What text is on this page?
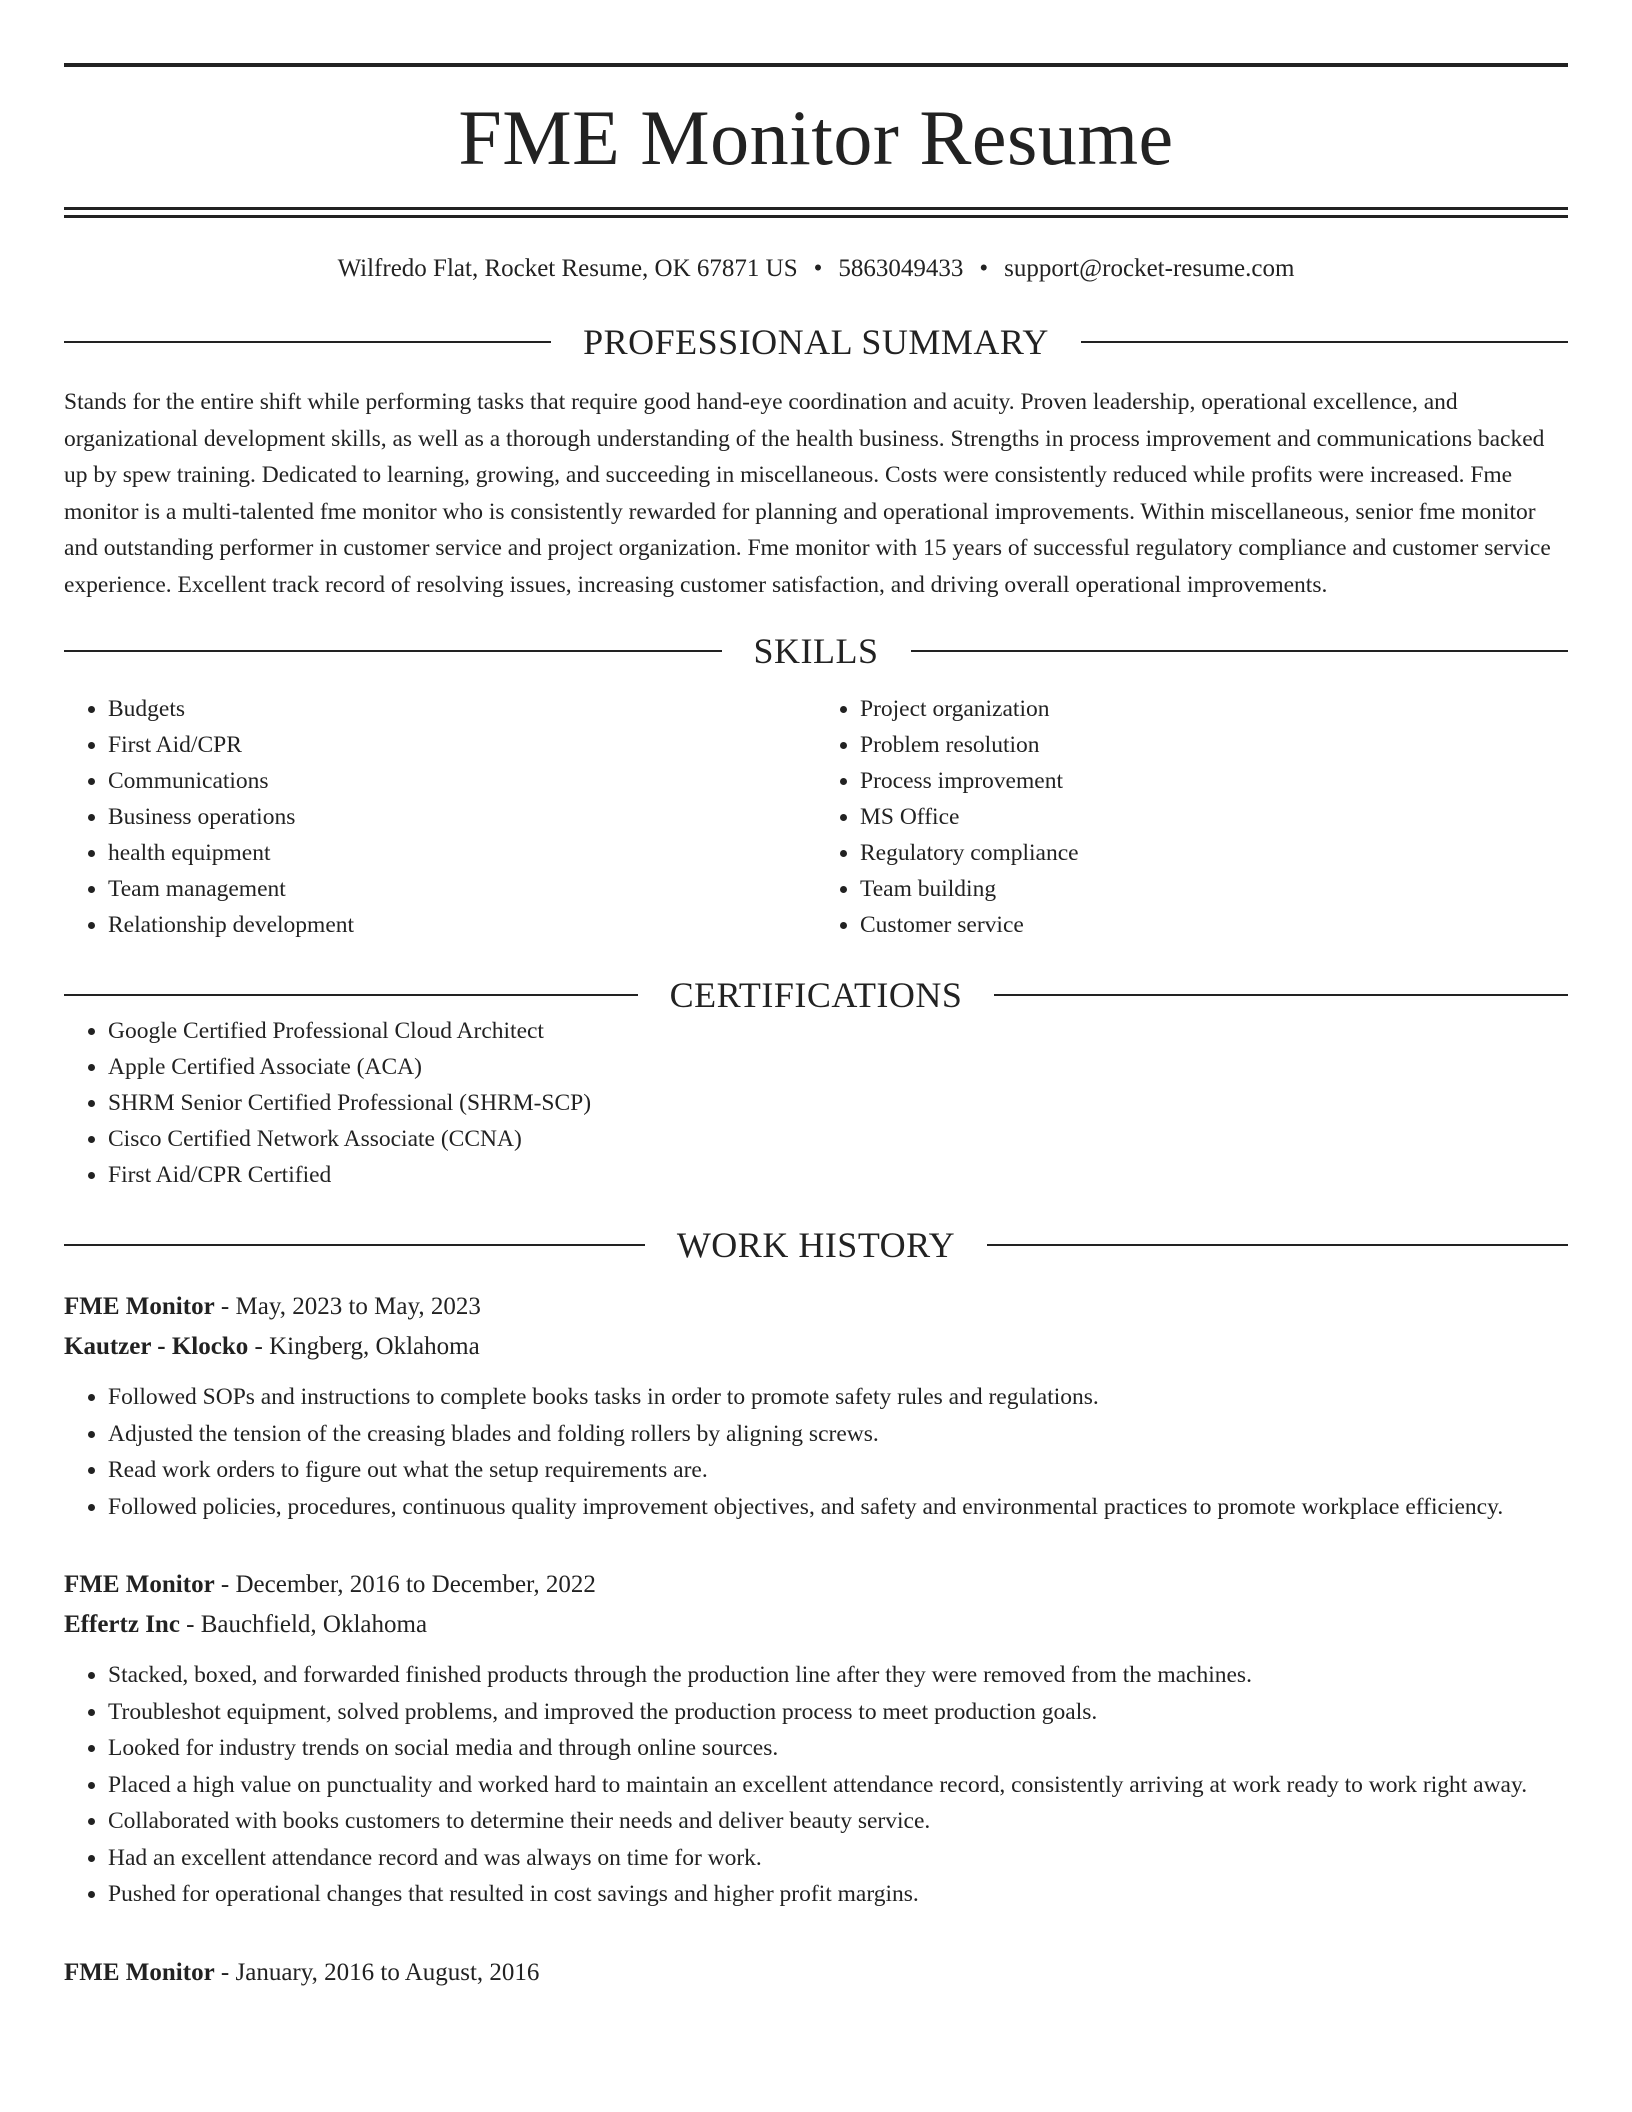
FME Monitor Resume
Wilfredo Flat, Rocket Resume, OK 67871 US • 5863049433 • support@rocket-resume.com
PROFESSIONAL SUMMARY

Stands for the entire shift while performing tasks that require good hand-eye coordination and acuity. Proven leadership, operational excellence, and organizational development skills, as well as a thorough understanding of the health business. Strengths in process improvement and communications backed up by spew training. Dedicated to learning, growing, and succeeding in miscellaneous. Costs were consistently reduced while profits were increased. Fme monitor is a multi-talented fme monitor who is consistently rewarded for planning and operational improvements. Within miscellaneous, senior fme monitor and outstanding performer in customer service and project organization. Fme monitor with 15 years of successful regulatory compliance and customer service experience. Excellent track record of resolving issues, increasing customer satisfaction, and driving overall operational improvements.

SKILLS
• Budgets
• First Aid/CPR
• Communications
• Business operations
• health equipment
• Team management
• Relationship development
• Project organization
• Problem resolution
• Process improvement
• MS Office
• Regulatory compliance
• Team building
• Customer service
CERTIFICATIONS
• Google Certified Professional Cloud Architect
• Apple Certified Associate (ACA)
• SHRM Senior Certified Professional (SHRM-SCP)
• Cisco Certified Network Associate (CCNA)
• First Aid/CPR Certified
WORK HISTORY
FME Monitor - May, 2023 to May, 2023
Kautzer - Klocko - Kingberg, Oklahoma
• Followed SOPs and instructions to complete books tasks in order to promote safety rules and regulations.
• Adjusted the tension of the creasing blades and folding rollers by aligning screws.
• Read work orders to figure out what the setup requirements are.
• Followed policies, procedures, continuous quality improvement objectives, and safety and environmental practices to promote workplace efficiency.
FME Monitor - December, 2016 to December, 2022
Effertz Inc - Bauchfield, Oklahoma
• Stacked, boxed, and forwarded finished products through the production line after they were removed from the machines.
• Troubleshot equipment, solved problems, and improved the production process to meet production goals.
• Looked for industry trends on social media and through online sources.
• Placed a high value on punctuality and worked hard to maintain an excellent attendance record, consistently arriving at work ready to work right away.
• Collaborated with books customers to determine their needs and deliver beauty service.
• Had an excellent attendance record and was always on time for work.
• Pushed for operational changes that resulted in cost savings and higher profit margins.
FME Monitor - January, 2016 to August, 2016
